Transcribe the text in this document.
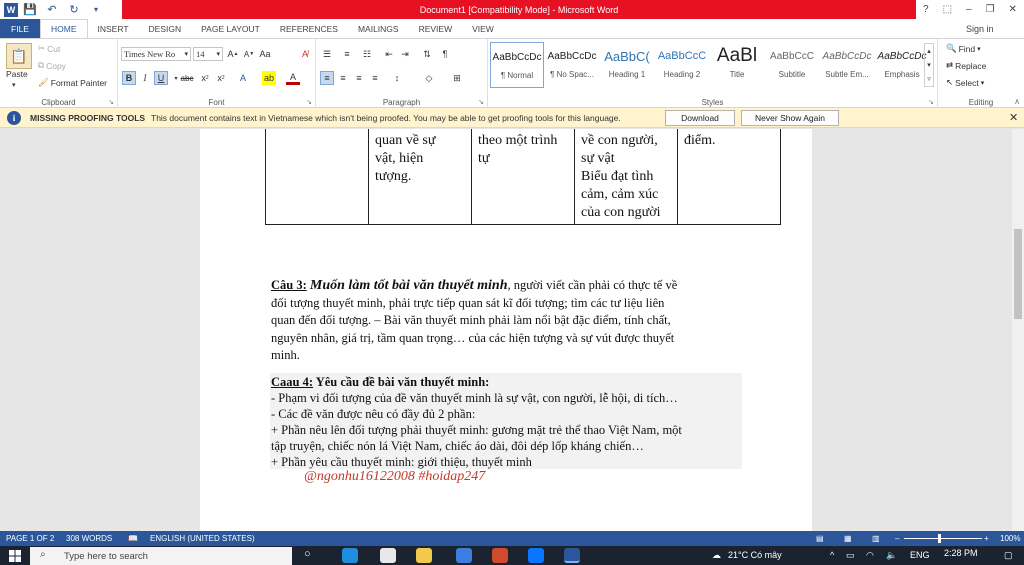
W 💾 ↶	↻	▾	Document1 [Compatibility Mode] - Microsoft Word	? ⬚ – ❐ ✕
FILE	HOME	INSERT	DESIGN	PAGE LAYOUT	REFERENCES	MAILINGS	REVIEW	VIEW	Sign in
📋
Paste
▾
✂ Cut
⧉ Copy
🖌 Format Painter
Clipboard	↘
Times New Ro ▾ 14 ▾ A ▲ A ▼ Aa	A̸
B	I	U	▾ abc x 2 x 2	A	ab	A
Font	↘
☰	≡	☷	⇤ ⇥	⇅	¶
≡	≡	≡	≡	↕	◇	⊞
Paragraph	↘
AaBbCcDc
¶ Normal
AaBbCcDc
¶ No Spac...
AaBbC(
Heading 1
AaBbCcC
Heading 2
AaBl
Title
AaBbCcC
Subtitle
AaBbCcDc
Subtle Em...
AaBbCcDc
Emphasis
▴
▾
▿
Styles	↘
🔍 Find ▾
⇄ Replace
↖ Select ▾
Editing	∧
i	MISSING PROOFING TOOLS This document contains text in Vietnamese which isn't being proofed. You may be able to get proofing tools for this language.	Download	Never Show Again	✕

quan về sự
vật, hiện
tượng.

theo một trình
tự

về con người,
sự vật
Biểu đạt tình
cảm, cảm xúc
của con người

điểm.
Câu 3: Muốn làm tốt bài văn thuyết minh, người viết cần phải có thực tế về
đối tượng thuyết minh, phải trực tiếp quan sát kĩ đối tượng; tìm các tư liệu liên
quan đến đối tượng. – Bài văn thuyết minh phải làm nổi bật đặc điểm, tính chất,
nguyên nhân, giá trị, tầm quan trọng… của các hiện tượng và sự vút được thuyết
minh.
Caau 4: Yêu cầu đề bài văn thuyết minh:
- Phạm vi đối tượng của đề văn thuyết minh là sự vật, con người, lễ hội, di tích…
- Các đề văn được nêu có đầy đủ 2 phần:
+ Phần nêu lên đối tượng phải thuyết minh: gương mặt trẻ thể thao Việt Nam, một
tập truyện, chiếc nón lá Việt Nam, chiếc áo dài, đôi dép lốp kháng chiến…
+ Phần yêu cầu thuyết minh: giới thiệu, thuyết minh
@ngonhu16122008 #hoidap247
PAGE 1 OF 2 308 WORDS 📖 ENGLISH (UNITED STATES)	▤	▦	▥ –	+ 100%
⌕ Type here to search	○	☁ 21°C Có mây	^ ▭ ◠ 🔈 ENG 2:28 PM	▢
